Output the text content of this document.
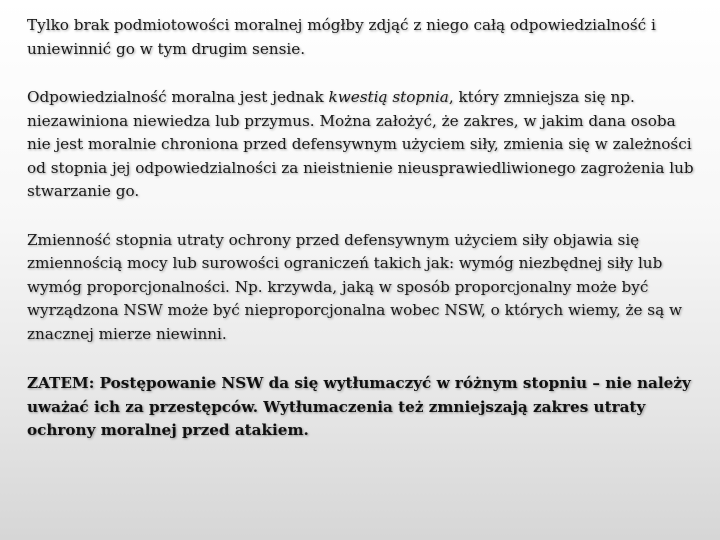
Tylko brak podmiotowości moralnej mógłby zdjąć z niego całą odpowiedzialność i uniewinnić go w tym drugim sensie.

Odpowiedzialność moralna jest jednak kwestią stopnia, który zmniejsza się np. niezawiniona niewiedza lub przymus. Można założyć, że zakres, w jakim dana osoba nie jest moralnie chroniona przed defensywnym użyciem siły, zmienia się w zależności od stopnia jej odpowiedzialności za nieistnienie nieusprawiedliwionego zagrożenia lub stwarzanie go.

Zmienność stopnia utraty ochrony przed defensywnym użyciem siły objawia się zmiennością mocy lub surowości ograniczeń takich jak: wymóg niezbędnej siły lub wymóg proporcjonalności. Np. krzywda, jaką w sposób proporcjonalny może być wyrządzona NSW może być nieproporcjonalna wobec NSW, o których wiemy, że są w znacznej mierze niewinni.

ZATEM: Postępowanie NSW da się wytłumaczyć w różnym stopniu – nie należy uważać ich za przestępców. Wytłumaczenia też zmniejszają zakres utraty ochrony moralnej przed atakiem.
